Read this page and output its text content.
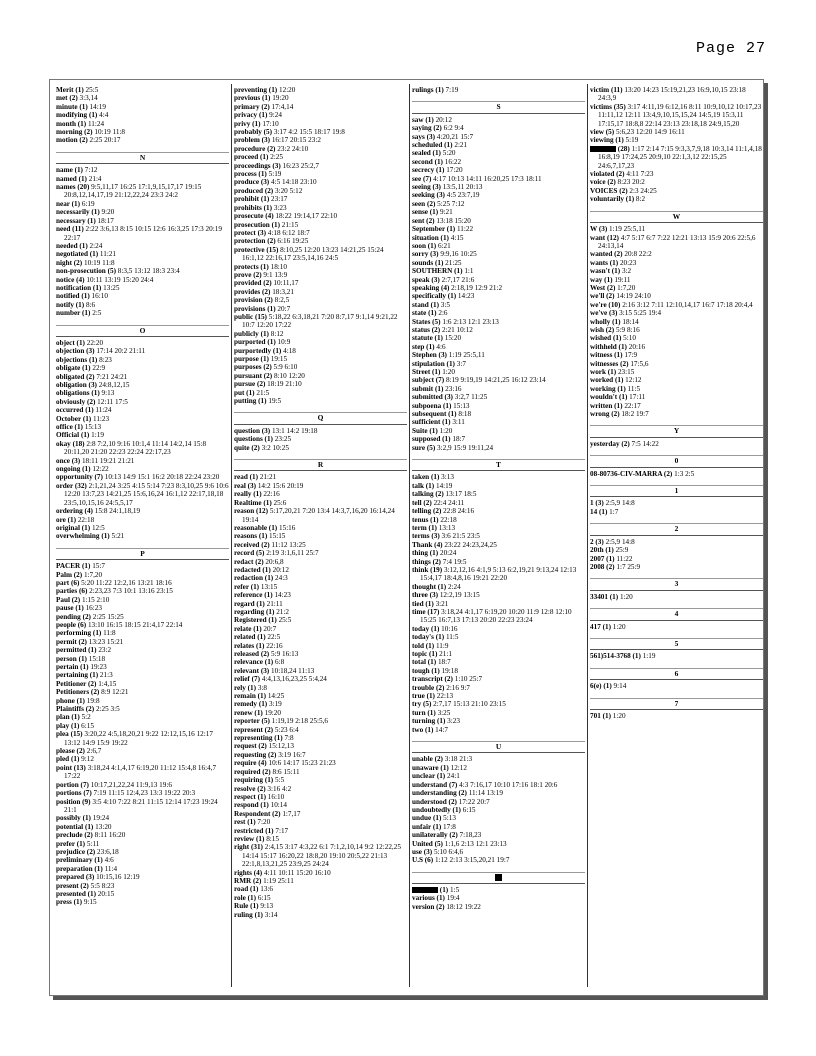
Page 27
Merit (1) 25:5
met (2) 3:3,14
minute (1) 14:19
modifying (1) 4:4
month (1) 11:24
morning (2) 10:19 11:8
motion (2) 2:25 20:17
N
name (1) 7:12
named (1) 21:4
names (20) 9:5,11,17 16:25 17:1,9,15,17,17 19:15 20:8,12,14,17,19 21:12,22,24 23:3 24:2
near (1) 6:19
necessarily (1) 9:20
necessary (1) 18:17
need (11) 2:22 3:6,13 8:15 10:15 12:6 16:3,25 17:3 20:19 22:17
needed (1) 2:24
negotiated (1) 11:21
night (2) 10:19 11:8
non-prosecution (5) 8:3,5 13:12 18:3 23:4
notice (4) 10:11 13:19 15:20 24:4
notification (1) 13:25
notified (1) 16:10
notify (1) 8:6
number (1) 2:5
O
object (1) 22:20
objection (3) 17:14 20:2 21:11
objections (1) 8:23
obligate (1) 22:9
obligated (2) 7:21 24:21
obligation (3) 24:8,12,15
obligations (1) 9:13
obviously (2) 12:11 17:5
occurred (1) 11:24
October (1) 11:23
office (1) 15:13
Official (1) 1:19
okay (18) 2:8 7:2,10 9:16 10:1,4 11:14 14:2,14 15:8 20:11,20 21:20 22:23 22:24 22:17,23
once (3) 18:11 19:21 21:21
ongoing (1) 12:22
opportunity (7) 10:13 14:9 15:1 16:2 20:18 22:24 23:20
order (32) 2:1,21,24 3:25 4:15 5:14 7:23 8:3,10,25 9:6 10:6 12:20 13:7,23 14:21,25 15:6,16,24 16:1,12 22:17,18,18 23:5,10,15,16 24:5,5,17
ordering (4) 15:8 24:1,18,19
ore (1) 22:18
original (1) 12:5
overwhelming (1) 5:21
P
PACER (1) 15:7
Palm (2) 1:7,20
part (6) 5:20 11:22 12:2,16 13:21 18:16
parties (6) 2:23,23 7:3 10:1 13:16 23:15
Paul (2) 1:15 2:10
pause (1) 16:23
pending (2) 2:25 15:25
people (6) 13:10 16:15 18:15 21:4,17 22:14
performing (1) 11:8
permit (2) 13:23 15:21
permitted (1) 23:2
person (1) 15:18
pertain (1) 19:23
pertaining (1) 21:3
Petitioner (2) 1:4,15
Petitioners (2) 8:9 12:21
phone (1) 19:8
Plaintiffs (2) 2:25 3:5
plan (1) 5:2
play (1) 6:15
plea (15) 3:20,22 4:5,18,20,21 9:22 12:12,15,16 12:17 13:12 14:9 15:9 19:22
please (2) 2:6,7
pled (1) 9:12
point (13) 3:18,24 4:1,4,17 6:19,20 11:12 15:4,8 16:4,7 17:22
portion (7) 10:17,21,22,24 11:9,13 19:6
portions (7) 7:19 11:15 12:4,23 13:3 19:22 20:3
position (9) 3:5 4:10 7:22 8:21 11:15 12:14 17:23 19:24 21:1
possibly (1) 19:24
potential (1) 13:20
preclude (2) 8:11 16:20
prefer (1) 5:11
prejudice (2) 23:6,18
preliminary (1) 4:6
preparation (1) 11:4
prepared (3) 10:15,16 12:19
present (2) 5:5 8:23
presented (1) 20:15
press (1) 9:15
preventing (1) 12:20
previous (1) 19:20
primary (2) 17:4,14
privacy (1) 9:24
privy (1) 17:10
probably (5) 3:17 4:2 15:5 18:17 19:8
problem (3) 16:17 20:15 23:2
procedure (2) 23:2 24:10
proceed (1) 2:25
proceedings (3) 16:23 25:2,7
process (1) 5:19
produce (3) 4:5 14:18 23:10
produced (2) 3:20 5:12
prohibit (1) 23:17
prohibits (1) 3:23
prosecute (4) 18:22 19:14,17 22:10
prosecution (1) 21:15
protect (3) 4:18 6:12 18:7
protection (2) 6:16 19:25
protective (15) 8:10,25 12:20 13:23 14:21,25 15:24 16:1,12 22:16,17 23:5,14,16 24:5
protects (1) 18:10
prove (2) 9:1 13:9
provided (2) 10:11,17
provides (2) 18:3,21
provision (2) 8:2,5
provisions (1) 20:7
public (15) 5:18,22 6:3,18,21 7:20 8:7,17 9:1,14 9:21,22 10:7 12:20 17:22
publicly (1) 8:12
purported (1) 10:9
purportedly (1) 4:18
purpose (1) 19:15
purposes (2) 5:9 6:10
pursuant (2) 8:10 12:20
pursue (2) 18:19 21:10
put (1) 21:5
putting (1) 19:5
Q
question (3) 13:1 14:2 19:18
questions (1) 23:25
quite (2) 3:2 10:25
R
read (1) 21:21
real (3) 14:2 15:6 20:19
really (1) 22:16
Realtime (1) 25:6
reason (12) 5:17,20,21 7:20 13:4 14:3,7,16,20 16:14,24 19:14
reasonable (1) 15:16
reasons (1) 15:15
received (2) 11:12 13:25
record (5) 2:19 3:1,6,11 25:7
redact (2) 20:6,8
redacted (1) 20:12
redaction (1) 24:3
refer (1) 13:15
reference (1) 14:23
regard (1) 21:11
regarding (1) 21:2
Registered (1) 25:5
relate (1) 20:7
related (1) 22:5
relates (1) 22:16
released (2) 5:9 16:13
relevance (1) 6:8
relevant (3) 10:18,24 11:13
relief (7) 4:4,13,16,23,25 5:4,24
rely (1) 3:8
remain (1) 14:25
remedy (1) 3:19
renew (1) 19:20
reporter (5) 1:19,19 2:18 25:5,6
represent (2) 5:23 6:4
representing (1) 7:8
request (2) 15:12,13
requesting (2) 3:19 16:7
require (4) 10:6 14:17 15:23 21:23
required (2) 8:6 15:11
requiring (1) 5:5
resolve (2) 3:16 4:2
respect (1) 16:10
respond (1) 10:14
Respondent (2) 1:7,17
rest (1) 7:20
restricted (1) 7:17
review (1) 8:15
right (31) 2:4,15 3:17 4:3,22 6:1 7:1,2,10,14 9:2 12:22,25 14:14 15:17 16:20,22 18:8,20 19:10 20:5,22 21:13 22:1,8,13,21,25 23:9,25 24:24
rights (4) 4:11 10:11 15:20 16:10
RMR (2) 1:19 25:11
road (1) 13:6
role (1) 6:15
Rule (1) 9:13
ruling (1) 3:14
rulings (1) 7:19
S
saw (1) 20:12
saying (2) 6:2 9:4
says (3) 4:20,21 15:7
scheduled (1) 2:21
sealed (1) 5:20
second (1) 16:22
secrecy (1) 17:20
see (7) 4:17 10:13 14:11 16:20,25 17:3 18:11
seeing (3) 13:5,11 20:13
seeking (3) 4:5 23:7,19
seen (2) 5:25 7:12
sense (1) 9:21
sent (2) 13:18 15:20
September (1) 11:22
situation (1) 4:15
soon (1) 6:21
sorry (3) 9:9,16 10:25
sounds (1) 21:25
SOUTHERN (1) 1:1
speak (3) 2:7,17 21:6
speaking (4) 2:18,19 12:9 21:2
specifically (1) 14:23
stand (1) 3:5
state (1) 2:6
States (5) 1:6 2:13 12:1 23:13
status (2) 2:21 10:12
statute (1) 15:20
step (1) 4:6
Stephen (3) 1:19 25:5,11
stipulation (1) 3:7
Street (1) 1:20
subject (7) 8:19 9:19,19 14:21,25 16:12 23:14
submit (1) 23:16
submitted (3) 3:2,7 11:25
subpoena (1) 15:13
subsequent (1) 8:18
sufficient (1) 3:11
Suite (1) 1:20
supposed (1) 18:7
sure (5) 3:2,9 15:9 19:11,24
T
taken (1) 3:13
talk (1) 14:19
talking (2) 13:17 18:5
tell (2) 22:4 24:11
telling (2) 22:8 24:16
tenus (1) 22:18
term (1) 13:13
terms (3) 3:6 21:5 23:5
Thank (4) 23:22 24:23,24,25
thing (1) 20:24
things (2) 7:4 19:5
think (19) 3:12,12,16 4:1,9 5:13 6:2,19,21 9:13,24 12:13 15:4,17 18:4,8,16 19:21 22:20
thought (1) 2:24
three (3) 12:2,19 13:15
tied (1) 3:21
time (17) 3:18,24 4:1,17 6:19,20 10:20 11:9 12:8 12:10 15:25 16:7,13 17:13 20:20 22:23 23:24
today (1) 10:16
today's (1) 11:5
told (1) 11:9
topic (1) 21:1
total (1) 18:7
tough (1) 19:18
transcript (2) 1:10 25:7
trouble (2) 2:16 9:7
true (1) 22:13
try (5) 2:7,17 15:13 21:10 23:15
turn (1) 3:25
turning (1) 3:23
two (1) 14:7
U
unable (2) 3:18 21:3
unaware (1) 12:12
unclear (1) 24:1
understand (7) 4:3 7:16,17 10:10 17:16 18:1 20:6
understanding (2) 11:14 13:19
understood (2) 17:22 20:7
undoubtedly (1) 6:15
undue (1) 5:13
unfair (1) 17:8
unilaterally (2) 7:18,23
United (5) 1:1,6 2:13 12:1 23:13
use (3) 5:10 6:4,6
U.S (6) 1:12 2:13 3:15,20,21 19:7
(1) 1:5
various (1) 19:4
version (2) 18:12 19:22
victim (11) 13:20 14:23 15:19,21,23 16:9,10,15 23:18 24:3,9
victims (35) 3:17 4:11,19 6:12,16 8:11 10:9,10,12 10:17,23 11:11,12 12:11 13:4,9,10,15,15,24 14:5,19 15:3,11 17:15,17 18:8,8 22:14 23:13 23:18,18 24:9,15,20
view (5) 5:6,23 12:20 14:9 16:11
viewing (1) 5:19
(28) 1:17 2:14 7:15 9:3,3,7,9,18 10:3,14 11:1,4,18 16:8,19 17:24,25 20:9,10 22:1,3,12 22:15,25 24:6,7,17,23
violated (2) 4:11 7:23
voice (2) 8:23 20:2
VOICES (2) 2:3 24:25
voluntarily (1) 8:2
W
W (3) 1:19 25:5,11
want (12) 4:7 5:17 6:7 7:22 12:21 13:13 15:9 20:6 22:5,6 24:13,14
wanted (2) 20:8 22:2
wants (1) 20:23
wasn't (1) 3:2
way (1) 19:11
West (2) 1:7,20
we'll (2) 14:19 24:10
we're (10) 2:16 3:12 7:11 12:10,14,17 16:7 17:18 20:4,4
we've (3) 3:15 5:25 19:4
wholly (1) 18:14
wish (2) 5:9 8:16
wished (1) 5:10
withheld (1) 20:16
witness (1) 17:9
witnesses (2) 17:5,6
work (1) 23:15
worked (1) 12:12
working (1) 11:5
wouldn't (1) 17:11
written (1) 22:17
wrong (2) 18:2 19:7
Y
yesterday (2) 7:5 14:22
0
08-80736-CIV-MARRA (2) 1:3 2:5
1
1 (3) 2:5,9 14:8
14 (1) 1:7
2
2 (3) 2:5,9 14:8
20th (1) 25:9
2007 (1) 11:22
2008 (2) 1:7 25:9
3
33401 (1) 1:20
4
417 (1) 1:20
5
561)514-3768 (1) 1:19
6
6(e) (1) 9:14
7
701 (1) 1:20
